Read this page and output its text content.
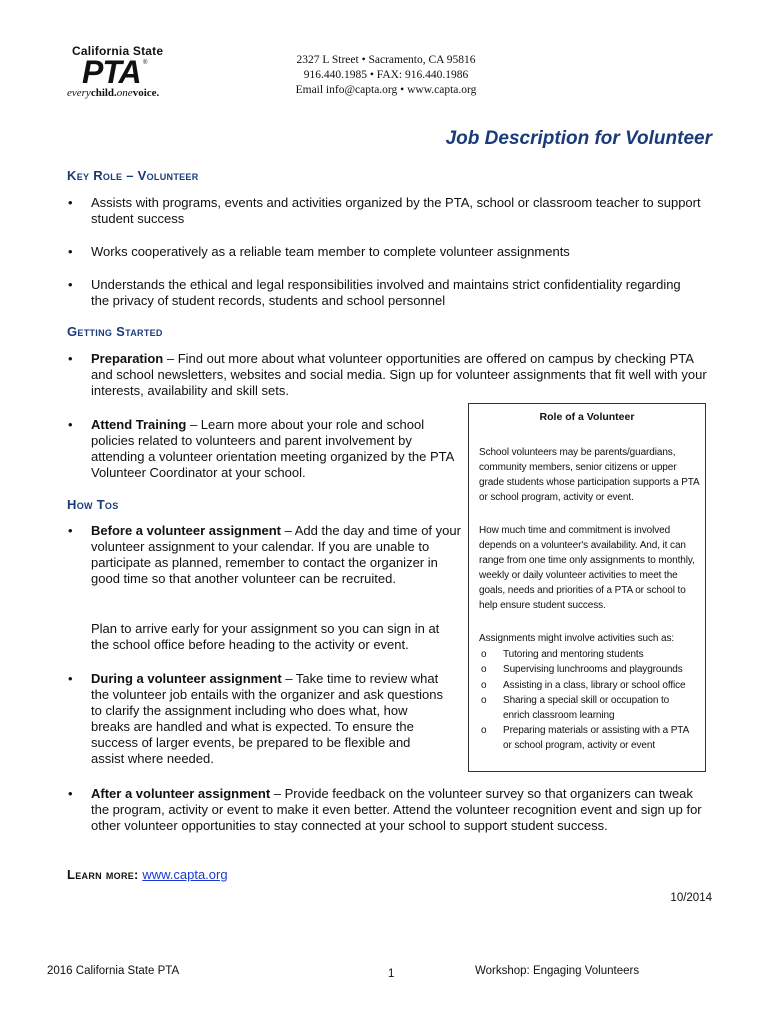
California State
PTA ®
everychild.onevoice.
2327 L Street • Sacramento, CA 95816
916.440.1985 • FAX: 916.440.1986
Email info@capta.org • www.capta.org
Job Description for Volunteer
Key Role – Volunteer
• Assists with programs, events and activities organized by the PTA, school or classroom teacher to support student success
• Works cooperatively as a reliable team member to complete volunteer assignments
• Understands the ethical and legal responsibilities involved and maintains strict confidentiality regarding the privacy of student records, students and school personnel
Getting Started
• Preparation – Find out more about what volunteer opportunities are offered on campus by checking PTA and school newsletters, websites and social media. Sign up for volunteer assignments that fit well with your interests, availability and skill sets.
• Attend Training – Learn more about your role and school policies related to volunteers and parent involvement by attending a volunteer orientation meeting organized by the PTA Volunteer Coordinator at your school.
How Tos
• Before a volunteer assignment – Add the day and time of your volunteer assignment to your calendar. If you are unable to participate as planned, remember to contact the organizer in good time so that another volunteer can be recruited.
Plan to arrive early for your assignment so you can sign in at the school office before heading to the activity or event.
• During a volunteer assignment – Take time to review what the volunteer job entails with the organizer and ask questions to clarify the assignment including who does what, how breaks are handled and what is expected. To ensure the success of larger events, be prepared to be flexible and assist where needed.
• After a volunteer assignment – Provide feedback on the volunteer survey so that organizers can tweak the program, activity or event to make it even better. Attend the volunteer recognition event and sign up for other volunteer opportunities to stay connected at your school to support student success.
Role of a Volunteer
School volunteers may be parents/guardians, community members, senior citizens or upper grade students whose participation supports a PTA or school program, activity or event.
How much time and commitment is involved depends on a volunteer's availability. And, it can range from one time only assignments to monthly, weekly or daily volunteer activities to meet the goals, needs and priorities of a PTA or school to help ensure student success.
Assignments might involve activities such as:
o Tutoring and mentoring students
o Supervising lunchrooms and playgrounds
o Assisting in a class, library or school office
o Sharing a special skill or occupation to enrich classroom learning
o Preparing materials or assisting with a PTA or school program, activity or event
Learn more: www.capta.org
10/2014
2016 California State PTA	1	Workshop: Engaging Volunteers
